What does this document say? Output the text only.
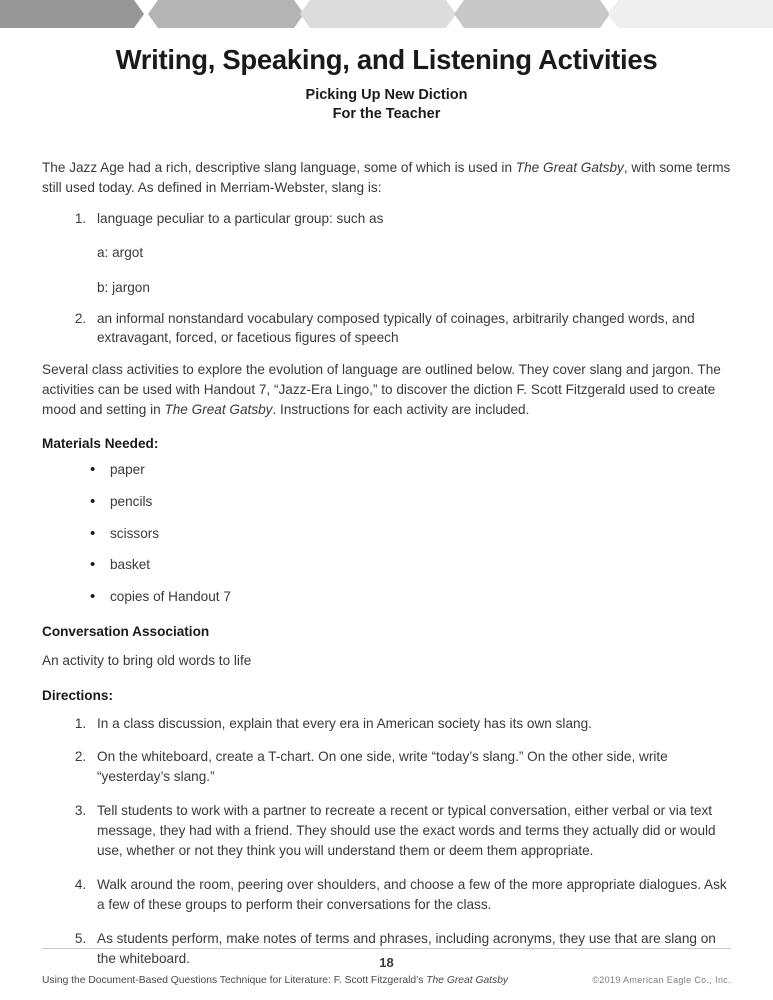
Writing, Speaking, and Listening Activities
Picking Up New Diction
For the Teacher

The Jazz Age had a rich, descriptive slang language, some of which is used in The Great Gatsby, with some terms still used today. As defined in Merriam-Webster, slang is:

1. language peculiar to a particular group: such as
a: argot
b: jargon
2. an informal nonstandard vocabulary composed typically of coinages, arbitrarily changed words, and extravagant, forced, or facetious figures of speech

Several class activities to explore the evolution of language are outlined below. They cover slang and jargon. The activities can be used with Handout 7, “Jazz-Era Lingo,” to discover the diction F. Scott Fitzgerald used to create mood and setting in The Great Gatsby. Instructions for each activity are included.

Materials Needed:
• paper
• pencils
• scissors
• basket
• copies of Handout 7
Conversation Association

An activity to bring old words to life

Directions:
1. In a class discussion, explain that every era in American society has its own slang.
2. On the whiteboard, create a T-chart. On one side, write “today’s slang.” On the other side, write “yesterday’s slang.”
3. Tell students to work with a partner to recreate a recent or typical conversation, either verbal or via text message, they had with a friend. They should use the exact words and terms they actually did or would use, whether or not they think you will understand them or deem them appropriate.
4. Walk around the room, peering over shoulders, and choose a few of the more appropriate dialogues. Ask a few of these groups to perform their conversations for the class.
5. As students perform, make notes of terms and phrases, including acronyms, they use that are slang on the whiteboard.	18
Using the Document-Based Questions Technique for Literature: F. Scott Fitzgerald’s The Great Gatsby	©2019 American Eagle Co., Inc.
